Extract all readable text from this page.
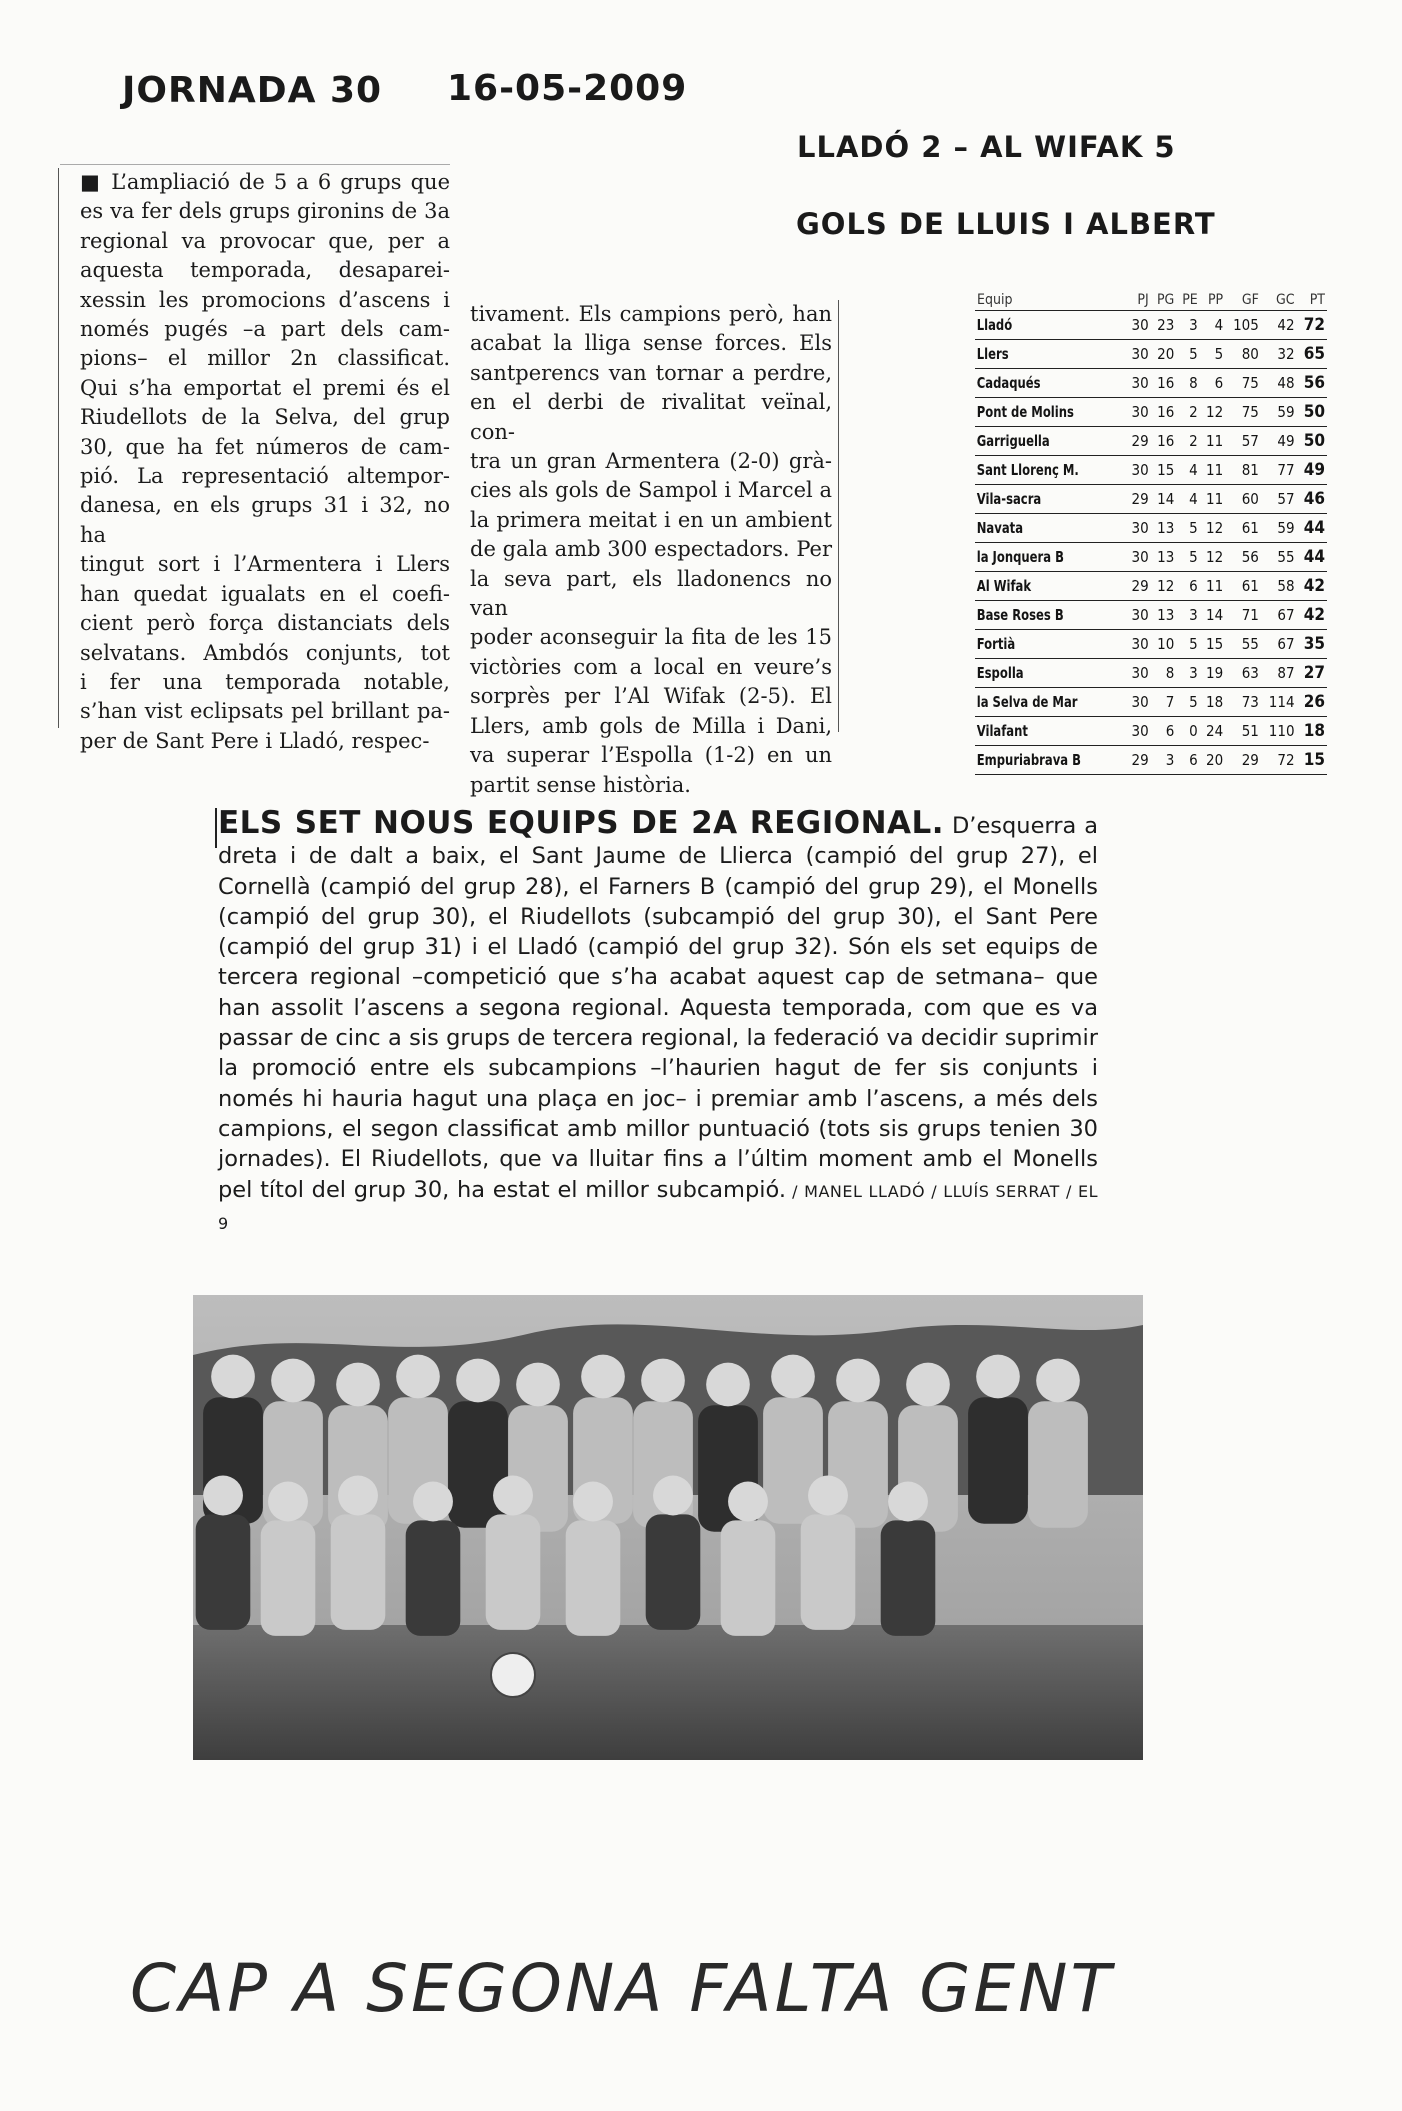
JORNADA 30 16-05-2009
LLADÓ 2 – AL WIFAK 5
GOLS DE LLUIS I ALBERT

■ L’ampliació de 5 a 6 grups que

es va fer dels grups gironins de 3a

regional va provocar que, per a

aquesta temporada, desaparei-

xessin les promocions d’ascens i

només pugés –a part dels cam-

pions– el millor 2n classificat.

Qui s’ha emportat el premi és el

Riudellots de la Selva, del grup

30, que ha fet números de cam-

pió. La representació altempor-

danesa, en els grups 31 i 32, no ha

tingut sort i l’Armentera i Llers

han quedat igualats en el coefi-

cient però força distanciats dels

selvatans. Ambdós conjunts, tot

i fer una temporada notable,

s’han vist eclipsats pel brillant pa-

per de Sant Pere i Lladó, respec-

tivament. Els campions però, han

acabat la lliga sense forces. Els

santperencs van tornar a perdre,

en el derbi de rivalitat veïnal, con-

tra un gran Armentera (2-0) grà-

cies als gols de Sampol i Marcel a

la primera meitat i en un ambient

de gala amb 300 espectadors. Per

la seva part, els lladonencs no van

poder aconseguir la fita de les 15

victòries com a local en veure’s

sorprès per l’Al Wifak (2-5). El

Llers, amb gols de Milla i Dani,

va superar l’Espolla (1-2) en un

partit sense història.

Equip	PJ	PG	PE	PP	GF	GC	PT
Lladó	30	23	3	4	105	42	72
Llers	30	20	5	5	80	32	65
Cadaqués	30	16	8	6	75	48	56
Pont de Molins	30	16	2	12	75	59	50
Garriguella	29	16	2	11	57	49	50
Sant Llorenç M.	30	15	4	11	81	77	49
Vila-sacra	29	14	4	11	60	57	46
Navata	30	13	5	12	61	59	44
la Jonquera B	30	13	5	12	56	55	44
Al Wifak	29	12	6	11	61	58	42
Base Roses B	30	13	3	14	71	67	42
Fortià	30	10	5	15	55	67	35
Espolla	30	8	3	19	63	87	27
la Selva de Mar	30	7	5	18	73	114	26
Vilafant	30	6	0	24	51	110	18
Empuriabrava B	29	3	6	20	29	72	15
ELS SET NOUS EQUIPS DE 2A REGIONAL. D’esquerra a dreta i de dalt a baix, el Sant Jaume de Llierca (campió del grup 27), el Cornellà (campió del grup 28), el Farners B (campió del grup 29), el Monells (campió del grup 30), el Riudellots (subcampió del grup 30), el Sant Pere (campió del grup 31) i el Lladó (campió del grup 32). Són els set equips de tercera regional –competició que s’ha acabat aquest cap de setmana– que han assolit l’ascens a segona regional. Aquesta temporada, com que es va passar de cinc a sis grups de tercera regional, la federació va decidir suprimir la promoció entre els subcampions –l’haurien hagut de fer sis conjunts i només hi hauria hagut una plaça en joc– i premiar amb l’ascens, a més dels campions, el segon classificat amb millor puntuació (tots sis grups tenien 30 jornades). El Riudellots, que va lluitar fins a l’últim moment amb el Monells pel títol del grup 30, ha estat el millor subcampió. / MANEL LLADÓ / LLUÍS SERRAT / EL 9
CAP A SEGONA FALTA GENT
